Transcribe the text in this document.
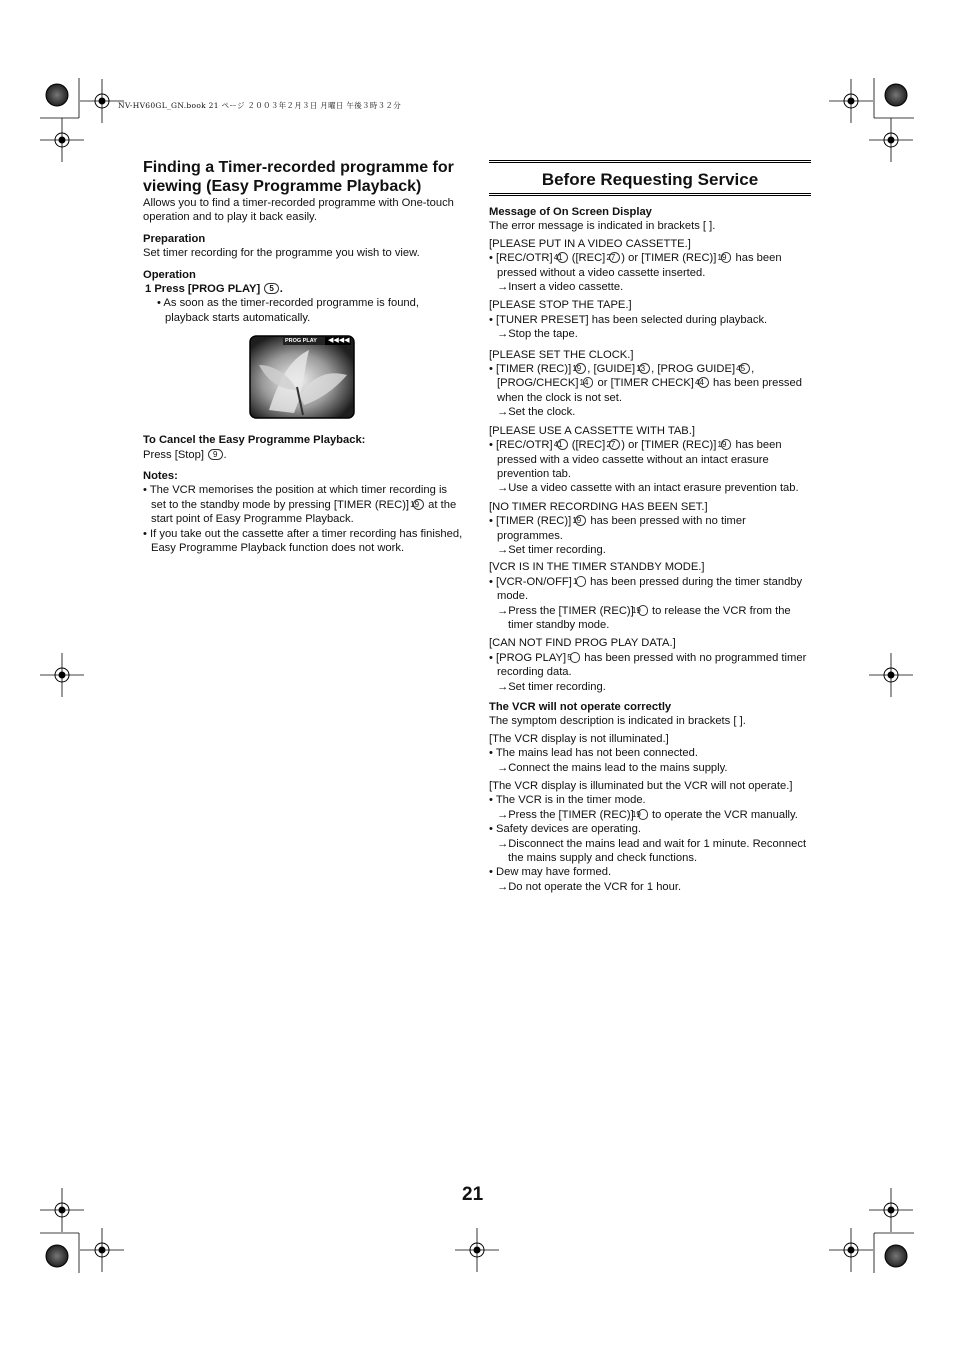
NV-HV60GL_GN.book 21 ページ ２００３年２月３日 月曜日 午後３時３２分
Finding a Timer-recorded programme for
viewing (Easy Programme Playback)

Allows you to find a timer-recorded programme with One-touch operation and to play it back easily.

Preparation

Set timer recording for the programme you wish to view.

Operation

1 Press [PROG PLAY] 5 .

• As soon as the timer-recorded programme is found, playback starts automatically.

PROG PLAY ◀◀◀◀

To Cancel the Easy Programme Playback:

Press [Stop] 9 .

Notes:

• The VCR memorises the position at which timer recording is set to the standby mode by pressing [TIMER (REC)] 19 at the start point of Easy Programme Playback.

• If you take out the cassette after a timer recording has finished, Easy Programme Playback function does not work.

Before Requesting Service

Message of On Screen Display

The error message is indicated in brackets [ ].

[PLEASE PUT IN A VIDEO CASSETTE.]

• [REC/OTR] 41 ([REC] 27 ) or [TIMER (REC)] 19 has been pressed without a video cassette inserted.

→Insert a video cassette.

[PLEASE STOP THE TAPE.]

• [TUNER PRESET] has been selected during playback.

→Stop the tape.

[PLEASE SET THE CLOCK.]

• [TIMER (REC)] 19 , [GUIDE] 13 , [PROG GUIDE] 45 , [PROG/CHECK] 14 or [TIMER CHECK] 44 has been pressed when the clock is not set.

→Set the clock.

[PLEASE USE A CASSETTE WITH TAB.]

• [REC/OTR] 41 ([REC] 27 ) or [TIMER (REC)] 19 has been pressed with a video cassette without an intact erasure prevention tab.

→Use a video cassette with an intact erasure prevention tab.

[NO TIMER RECORDING HAS BEEN SET.]

• [TIMER (REC)] 19 has been pressed with no timer programmes.

→Set timer recording.

[VCR IS IN THE TIMER STANDBY MODE.]

• [VCR-ON/OFF] 1 has been pressed during the timer standby mode.

→Press the [TIMER (REC)] 19 to release the VCR from the timer standby mode.

[CAN NOT FIND PROG PLAY DATA.]

• [PROG PLAY] 5 has been pressed with no programmed timer recording data.

→Set timer recording.

The VCR will not operate correctly

The symptom description is indicated in brackets [ ].

[The VCR display is not illuminated.]

• The mains lead has not been connected.

→Connect the mains lead to the mains supply.

[The VCR display is illuminated but the VCR will not operate.]

• The VCR is in the timer mode.

→Press the [TIMER (REC)] 19 to operate the VCR manually.

• Safety devices are operating.

→Disconnect the mains lead and wait for 1 minute. Reconnect the mains supply and check functions.

• Dew may have formed.

→Do not operate the VCR for 1 hour.

21
